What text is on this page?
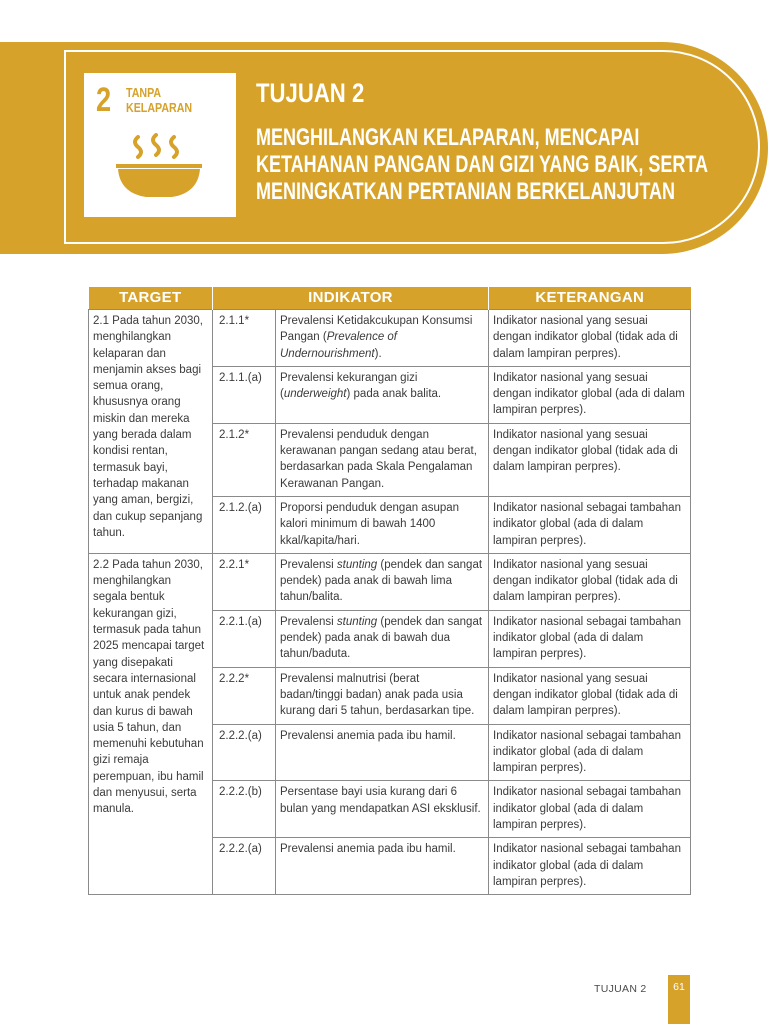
2 TANPA
KELAPARAN TUJUAN 2
MENGHILANGKAN KELAPARAN, MENCAPAI
KETAHANAN PANGAN DAN GIZI YANG BAIK, SERTA
MENINGKATKAN PERTANIAN BERKELANJUTAN
TARGET	INDIKATOR		KETERANGAN
2.1 Pada tahun 2030, menghilangkan kelaparan dan menjamin akses bagi semua orang, khususnya orang miskin dan mereka yang berada dalam kondisi rentan, termasuk bayi, terhadap makanan yang aman, bergizi, dan cukup sepanjang tahun.	2.1.1*	Prevalensi Ketidakcukupan Konsumsi Pangan (Prevalence of Undernourishment).	Indikator nasional yang sesuai dengan indikator global (tidak ada di dalam lampiran perpres).
	2.1.1.(a)	Prevalensi kekurangan gizi (underweight) pada anak balita.	Indikator nasional yang sesuai dengan indikator global (ada di dalam lampiran perpres).
	2.1.2*	Prevalensi penduduk dengan kerawanan pangan sedang atau berat, berdasarkan pada Skala Pengalaman Kerawanan Pangan.	Indikator nasional yang sesuai dengan indikator global (tidak ada di dalam lampiran perpres).
	2.1.2.(a)	Proporsi penduduk dengan asupan kalori minimum di bawah 1400 kkal/kapita/hari.	Indikator nasional sebagai tambahan indikator global (ada di dalam lampiran perpres).
2.2 Pada tahun 2030, menghilangkan segala bentuk kekurangan gizi, termasuk pada tahun 2025 mencapai target yang disepakati secara internasional untuk anak pendek dan kurus di bawah usia 5 tahun, dan memenuhi kebutuhan gizi remaja perempuan, ibu hamil dan menyusui, serta manula.	2.2.1*	Prevalensi stunting (pendek dan sangat pendek) pada anak di bawah lima tahun/balita.	Indikator nasional yang sesuai dengan indikator global (tidak ada di dalam lampiran perpres).
	2.2.1.(a)	Prevalensi stunting (pendek dan sangat pendek) pada anak di bawah dua tahun/baduta.	Indikator nasional sebagai tambahan indikator global (ada di dalam lampiran perpres).
	2.2.2*	Prevalensi malnutrisi (berat badan/tinggi badan) anak pada usia kurang dari 5 tahun, berdasarkan tipe.	Indikator nasional yang sesuai dengan indikator global (tidak ada di dalam lampiran perpres).
	2.2.2.(a)	Prevalensi anemia pada ibu hamil.	Indikator nasional sebagai tambahan indikator global (ada di dalam lampiran perpres).
	2.2.2.(b)	Persentase bayi usia kurang dari 6 bulan yang mendapatkan ASI eksklusif.	Indikator nasional sebagai tambahan indikator global (ada di dalam lampiran perpres).
	2.2.2.(a)	Prevalensi anemia pada ibu hamil.	Indikator nasional sebagai tambahan indikator global (ada di dalam lampiran perpres).
TUJUAN 2	61
